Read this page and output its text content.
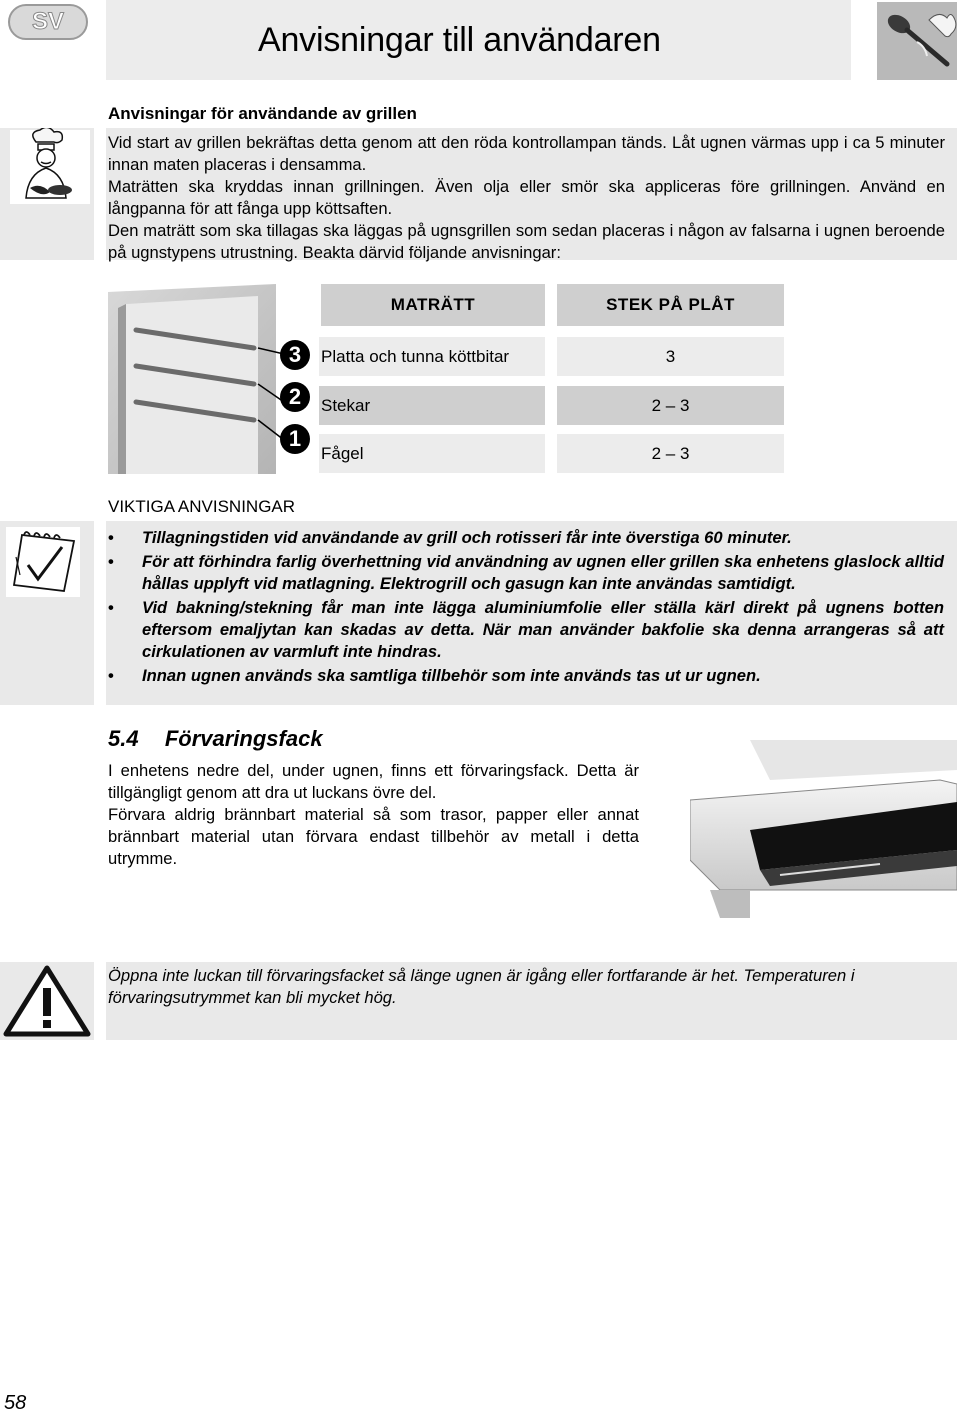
SV	Anvisningar till användaren
Anvisningar för användande av grillen

Vid start av grillen bekräftas detta genom att den röda kontrollampan tänds. Låt ugnen värmas upp i ca 5 minuter innan maten placeras i densamma.

Maträtten ska kryddas innan grillningen. Även olja eller smör ska appliceras före grillningen. Använd en långpanna för att fånga upp köttsaften.

Den maträtt som ska tillagas ska läggas på ugnsgrillen som sedan placeras i någon av falsarna i ugnen beroende på ugnstypens utrustning. Beakta därvid följande anvisningar:

3
2
1
MATRÄTT	STEK PÅ PLÅT
Platta och tunna köttbitar	3
Stekar	2 – 3
Fågel	2 – 3
VIKTIGA ANVISNINGAR
• Tillagningstiden vid användande av grill och rotisseri får inte överstiga 60 minuter.
• För att förhindra farlig överhettning vid användning av ugnen eller grillen ska enhetens glaslock alltid hållas upplyft vid matlagning. Elektrogrill och gasugn kan inte användas samtidigt.
• Vid bakning/stekning får man inte lägga aluminiumfolie eller ställa kärl direkt på ugnens botten eftersom emaljytan kan skadas av detta. När man använder bakfolie ska denna arrangeras så att cirkulationen av varmluft inte hindras.
• Innan ugnen används ska samtliga tillbehör som inte används tas ut ur ugnen.
5.4 Förvaringsfack

I enhetens nedre del, under ugnen, finns ett förvaringsfack. Detta är tillgängligt genom att dra ut luckans övre del.

Förvara aldrig brännbart material så som trasor, papper eller annat brännbart material utan förvara endast tillbehör av metall i detta utrymme.

Öppna inte luckan till förvaringsfacket så länge ugnen är igång eller fortfarande är het. Temperaturen i förvaringsutrymmet kan bli mycket hög.
58
